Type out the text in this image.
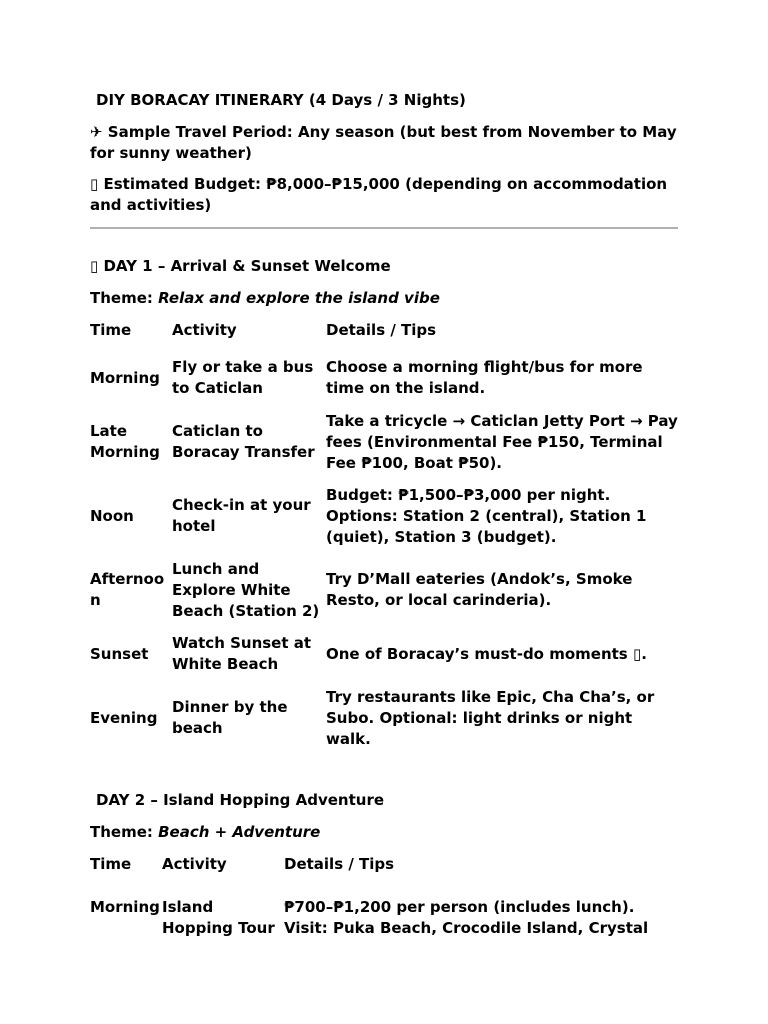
DIY BORACAY ITINERARY (4 Days / 3 Nights)

✈ Sample Travel Period: Any season (but best from November to May for sunny weather)

▯ Estimated Budget: ₱8,000–₱15,000 (depending on accommodation and activities)

▯ DAY 1 – Arrival & Sunset Welcome

Theme: Relax and explore the island vibe

Time	Activity	Details / Tips
Morning	Fly or take a bus to Caticlan	Choose a morning flight/bus for more time on the island.
Late Morning	Caticlan to Boracay Transfer	Take a tricycle → Caticlan Jetty Port → Pay fees (Environmental Fee ₱150, Terminal Fee ₱100, Boat ₱50).
Noon	Check-in at your hotel	Budget: ₱1,500–₱3,000 per night. Options: Station 2 (central), Station 1 (quiet), Station 3 (budget).
Afternoon	Lunch and Explore White Beach (Station 2)	Try D’Mall eateries (Andok’s, Smoke Resto, or local carinderia).
Sunset	Watch Sunset at White Beach	One of Boracay’s must-do moments ▯.
Evening	Dinner by the beach	Try restaurants like Epic, Cha Cha’s, or Subo. Optional: light drinks or night walk.

DAY 2 – Island Hopping Adventure

Theme: Beach + Adventure

Time	Activity	Details / Tips
Morning	Island Hopping Tour	₱700–₱1,200 per person (includes lunch). Visit: Puka Beach, Crocodile Island, Crystal
